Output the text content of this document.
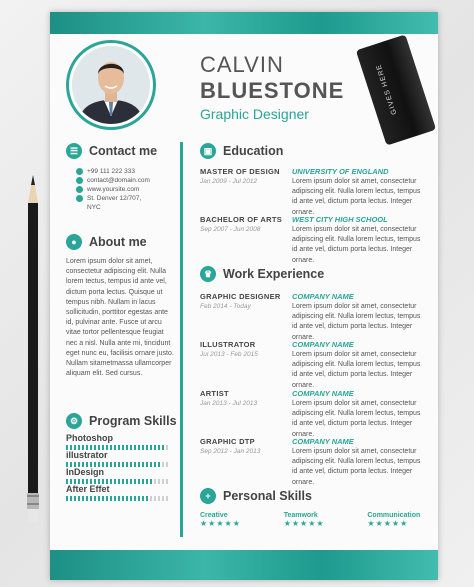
CALVIN
BLUESTONE
Graphic Designer
☰ Contact me
+99 111 222 333
contact@domain.com
www.yoursite.com
St. Denver 12/707,
NYC
● About me
Lorem ipsum dolor sit amet, consectetur adipiscing elit. Nulla lorem tectus, tempus id ante vel, dictum porta lectus. Quisque ut tempus nibh. Nullam in lacus sollicitudin, porttitor egestas ante id, pulvinar ante. Fusce ut arcu vitae tortor pellentesque feugiat nec a nisl. Nulla ante mi, tincidunt eget nunc eu, facilisis ornare justo. Nullam sitametmassa ullamcorper aliquam elit. Sed cursus.
⚙ Program Skills
Photoshop
illustrator
InDesign
After Effet
▣ Education
MASTER OF DESIGN
Jan 2009 - Jul 2012
UNIVERSITY OF ENGLAND
Lorem ipsum dolor sit amet, consectetur adipiscing elit. Nulla lorem lectus, tempus id ante vel, dictum porta lectus. Integer ornare.
BACHELOR OF ARTS
Sep 2007 - Jun 2008
WEST CITY HIGH SCHOOL
Lorem ipsum dolor sit amet, consectetur adipiscing elit. Nulla lorem lectus, tempus id ante vel, dictum porta lectus. Integer ornare.
♛ Work Experience
GRAPHIC DESIGNER
Feb 2014 - Today
COMPANY NAME
Lorem ipsum dolor sit amet, consectetur adipiscing elit. Nulla lorem lectus, tempus id ante vel, dictum porta lectus. Integer ornare.
ILLUSTRATOR
Jul 2013 - Feb 2015
COMPANY NAME
Lorem ipsum dolor sit amet, consectetur adipiscing elit. Nulla lorem lectus, tempus id ante vel, dictum porta lectus. Integer ornare.
ARTIST
Jan 2013 - Jul 2013
COMPANY NAME
Lorem ipsum dolor sit amet, consectetur adipiscing elit. Nulla lorem lectus, tempus id ante vel, dictum porta lectus. Integer ornare.
GRAPHIC DTP
Sep 2012 - Jan 2013
COMPANY NAME
Lorem ipsum dolor sit amet, consectetur adipiscing elit. Nulla lorem lectus, tempus id ante vel, dictum porta lectus. Integer ornare.
+ Personal Skills
Creative
★★★★★
Teamwork
★★★★★
Communication
★★★★★
GIVES HERE
